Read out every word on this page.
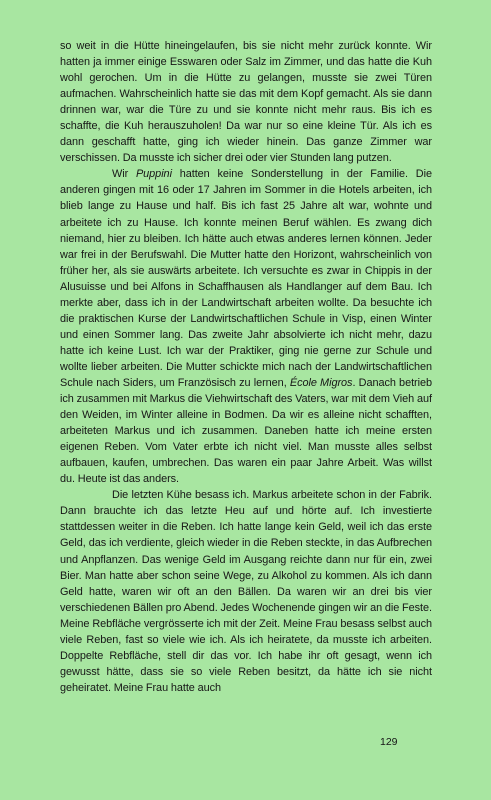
so weit in die Hütte hineingelaufen, bis sie nicht mehr zurück konnte. Wir hatten ja immer einige Esswaren oder Salz im Zimmer, und das hatte die Kuh wohl gerochen. Um in die Hütte zu gelangen, musste sie zwei Türen aufmachen. Wahrscheinlich hatte sie das mit dem Kopf gemacht. Als sie dann drinnen war, war die Türe zu und sie konnte nicht mehr raus. Bis ich es schaffte, die Kuh herauszuholen! Da war nur so eine kleine Tür. Als ich es dann geschafft hatte, ging ich wieder hinein. Das ganze Zimmer war verschissen. Da musste ich sicher drei oder vier Stunden lang putzen.

Wir Puppini hatten keine Sonderstellung in der Familie. Die anderen gingen mit 16 oder 17 Jahren im Sommer in die Hotels arbeiten, ich blieb lange zu Hause und half. Bis ich fast 25 Jahre alt war, wohnte und arbeitete ich zu Hause. Ich konnte meinen Beruf wählen. Es zwang dich niemand, hier zu bleiben. Ich hätte auch etwas anderes lernen können. Jeder war frei in der Berufswahl. Die Mutter hatte den Horizont, wahrscheinlich von früher her, als sie auswärts arbeitete. Ich versuchte es zwar in Chippis in der Alusuisse und bei Alfons in Schaffhausen als Handlanger auf dem Bau. Ich merkte aber, dass ich in der Landwirtschaft arbeiten wollte. Da besuchte ich die praktischen Kurse der Landwirtschaftlichen Schule in Visp, einen Winter und einen Sommer lang. Das zweite Jahr absolvierte ich nicht mehr, dazu hatte ich keine Lust. Ich war der Praktiker, ging nie gerne zur Schule und wollte lieber arbeiten. Die Mutter schickte mich nach der Landwirtschaftlichen Schule nach Siders, um Französisch zu lernen, École Migros. Danach betrieb ich zusammen mit Markus die Viehwirtschaft des Vaters, war mit dem Vieh auf den Weiden, im Winter alleine in Bodmen. Da wir es alleine nicht schafften, arbeiteten Markus und ich zusammen. Daneben hatte ich meine ersten eigenen Reben. Vom Vater erbte ich nicht viel. Man musste alles selbst aufbauen, kaufen, umbrechen. Das waren ein paar Jahre Arbeit. Was willst du. Heute ist das anders.

Die letzten Kühe besass ich. Markus arbeitete schon in der Fabrik. Dann brauchte ich das letzte Heu auf und hörte auf. Ich investierte stattdessen weiter in die Reben. Ich hatte lange kein Geld, weil ich das erste Geld, das ich verdiente, gleich wieder in die Reben steckte, in das Aufbrechen und Anpflanzen. Das wenige Geld im Ausgang reichte dann nur für ein, zwei Bier. Man hatte aber schon seine Wege, zu Alkohol zu kommen. Als ich dann Geld hatte, waren wir oft an den Bällen. Da waren wir an drei bis vier verschiedenen Bällen pro Abend. Jedes Wochenende gingen wir an die Feste. Meine Rebfläche vergrösserte ich mit der Zeit. Meine Frau besass selbst auch viele Reben, fast so viele wie ich. Als ich heiratete, da musste ich arbeiten. Doppelte Rebfläche, stell dir das vor. Ich habe ihr oft gesagt, wenn ich gewusst hätte, dass sie so viele Reben besitzt, da hätte ich sie nicht geheiratet. Meine Frau hatte auch

129
